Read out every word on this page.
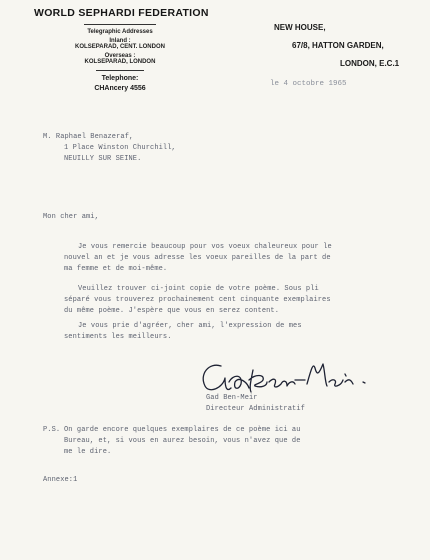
WORLD SEPHARDI FEDERATION
Telegraphic Addresses
Inland :
KOLSEPARAD, CENT. LONDON
Overseas :
KOLSEPARAD, LONDON
Telephone:
CHAncery 4556
NEW HOUSE,
67/8, HATTON GARDEN,
LONDON, E.C.1
le 4 octobre 1965
M. Raphael Benazeraf,
1 Place Winston Churchill,
NEUILLY SUR SEINE.
Mon cher ami,
Je vous remercie beaucoup pour vos voeux chaleureux pour le
nouvel an et je vous adresse les voeux pareilles de la part de
ma femme et de moi-même.
Veuillez trouver ci-joint copie de votre poème. Sous pli
séparé vous trouverez prochainement cent cinquante exemplaires
du même poème. J'espère que vous en serez content.
Je vous prie d'agréer, cher ami, l'expression de mes
sentiments les meilleurs.
Gad Ben-Meir
Directeur Administratif
P.S. On garde encore quelques exemplaires de ce poème ici au
Bureau, et, si vous en aurez besoin, vous n'avez que de
me le dire.
Annexe:1
